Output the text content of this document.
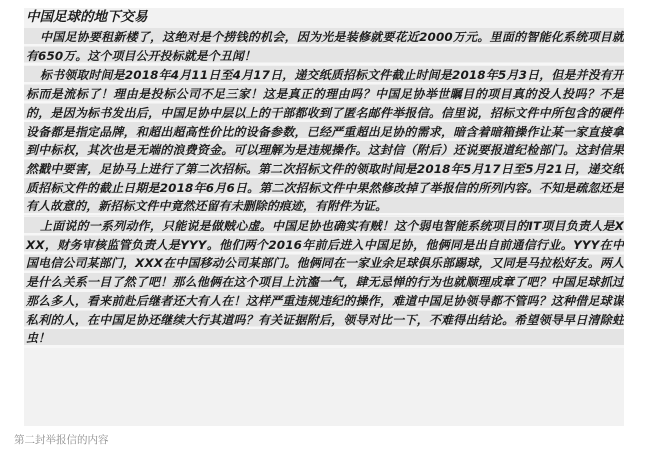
中国足球的地下交易

中国足协要租新楼了，这绝对是个捞钱的机会，因为光是装修就要花近2000万元。里面的智能化系统项目就有650万。这个项目公开投标就是个丑闻！

标书领取时间是2018年4月11日至4月17日，递交纸质招标文件截止时间是2018年5月3日，但是并没有开标而是流标了！理由是投标公司不足三家！这是真正的理由吗？中国足协举世瞩目的项目真的没人投吗？不是的，是因为标书发出后，中国足协中层以上的干部都收到了匿名邮件举报信。信里说，招标文件中所包含的硬件设备都是指定品牌，和超出超高性价比的设备参数，已经严重超出足协的需求，暗含着暗箱操作让某一家直接拿到中标权，其次也是无端的浪费资金。可以理解为是违规操作。这封信（附后）还说要报道纪检部门。这封信果然戳中要害，足协马上进行了第二次招标。第二次招标文件的领取时间是2018年5月17日至5月21日，递交纸质招标文件的截止日期是2018年6月6日。第二次招标文件中果然修改掉了举报信的所列内容。不知是疏忽还是有人故意的，新招标文件中竟然还留有未删除的痕迹，有附件为证。

上面说的一系列动作，只能说是做贼心虚。中国足协也确实有贼！这个弱电智能系统项目的IT项目负责人是XXX，财务审核监管负责人是YYY。他们两个2016年前后进入中国足协，他俩同是出自前通信行业。YYY在中国电信公司某部门，XXX在中国移动公司某部门。他俩同在一家业余足球俱乐部踢球，又同是马拉松好友。两人是什么关系一目了然了吧！那么他俩在这个项目上沆瀣一气，肆无忌惮的行为也就顺理成章了吧？中国足球抓过那么多人，看来前赴后继者还大有人在！这样严重违规违纪的操作，难道中国足协领导都不管吗？这种借足球谋私利的人，在中国足协还继续大行其道吗？有关证据附后，领导对比一下，不难得出结论。希望领导早日清除蛀虫！

第二封举报信的内容
